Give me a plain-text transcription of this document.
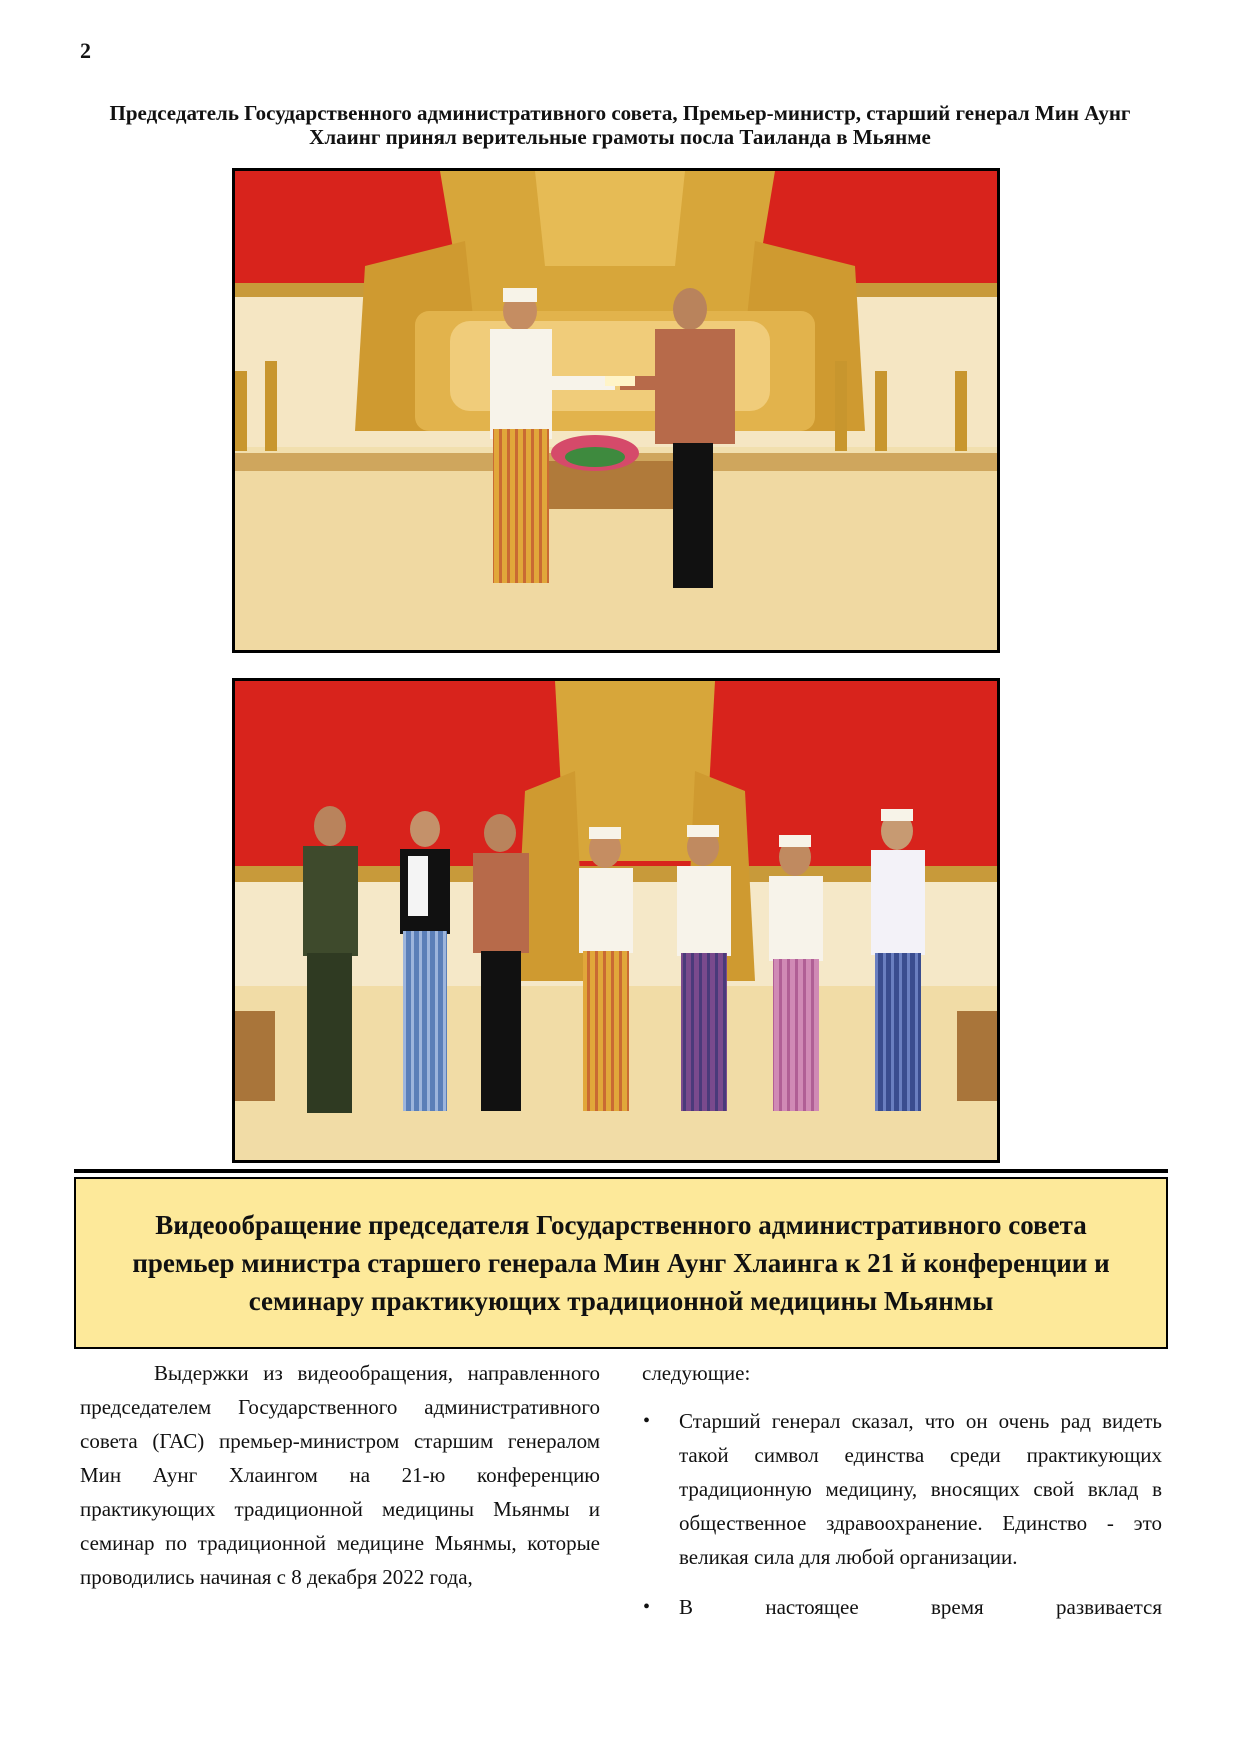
2
Председатель Государственного административного совета, Премьер-министр, старший генерал Мин Аунг Хлаинг принял верительные грамоты посла Таиланда в Мьянме
Видеообращение председателя Государственного административного совета премьер министра старшего генерала Мин Аунг Хлаинга к 21 й конференции и семинару практикующих традиционной медицины Мьянмы

Выдержки из видеообращения, направленного председателем Государственного административного совета (ГАС) премьер-министром старшим генералом Мин Аунг Хлаингом на 21-ю конференцию практикующих традиционной медицины Мьянмы и семинар по традиционной медицине Мьянмы, которые проводились начиная с 8 декабря 2022 года,

следующие:

• Старший генерал сказал, что он очень рад видеть такой символ единства среди практикующих традиционную медицину, вносящих свой вклад в общественное здравоохранение. Единство - это великая сила для любой организации.
• В настоящее время развивается
